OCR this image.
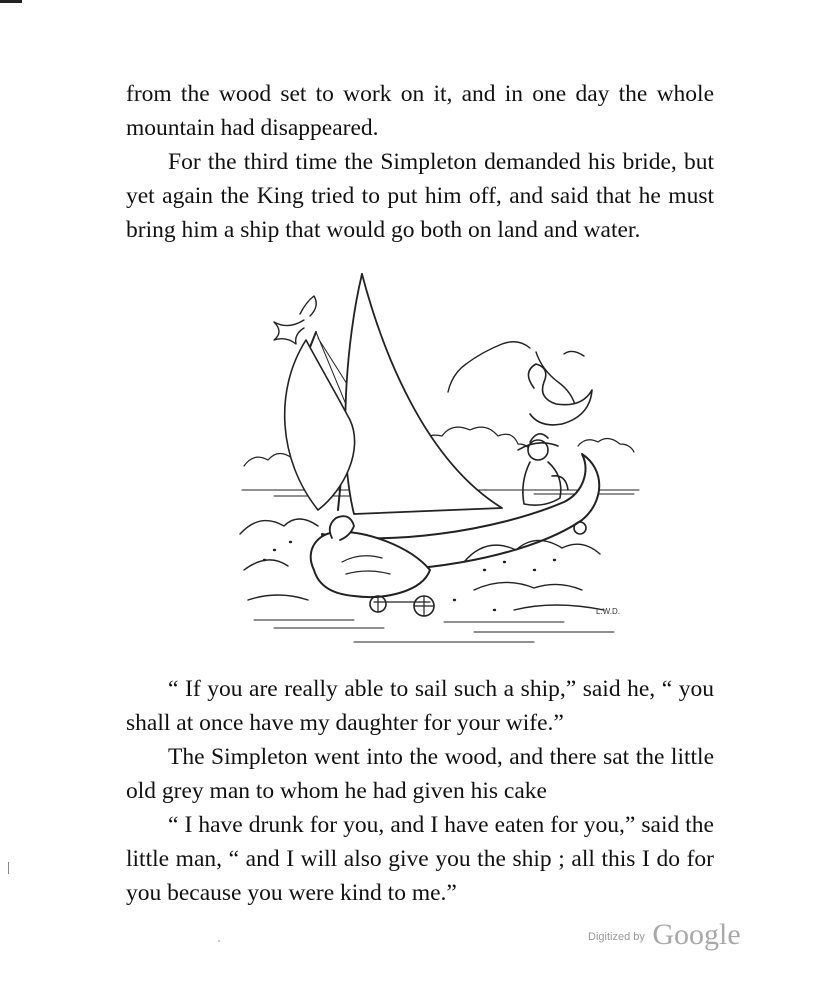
from the wood set to work on it, and in one day the whole mountain had disappeared.

For the third time the Simpleton demanded his bride, but yet again the King tried to put him off, and said that he must bring him a ship that would go both on land and water.

L.W.D.

“ If you are really able to sail such a ship,” said he, “ you shall at once have my daughter for your wife.”

The Simpleton went into the wood, and there sat the little old grey man to whom he had given his cake

“ I have drunk for you, and I have eaten for you,” said the little man, “ and I will also give you the ship ; all this I do for you because you were kind to me.”

$^{Digitized by}$ Google
